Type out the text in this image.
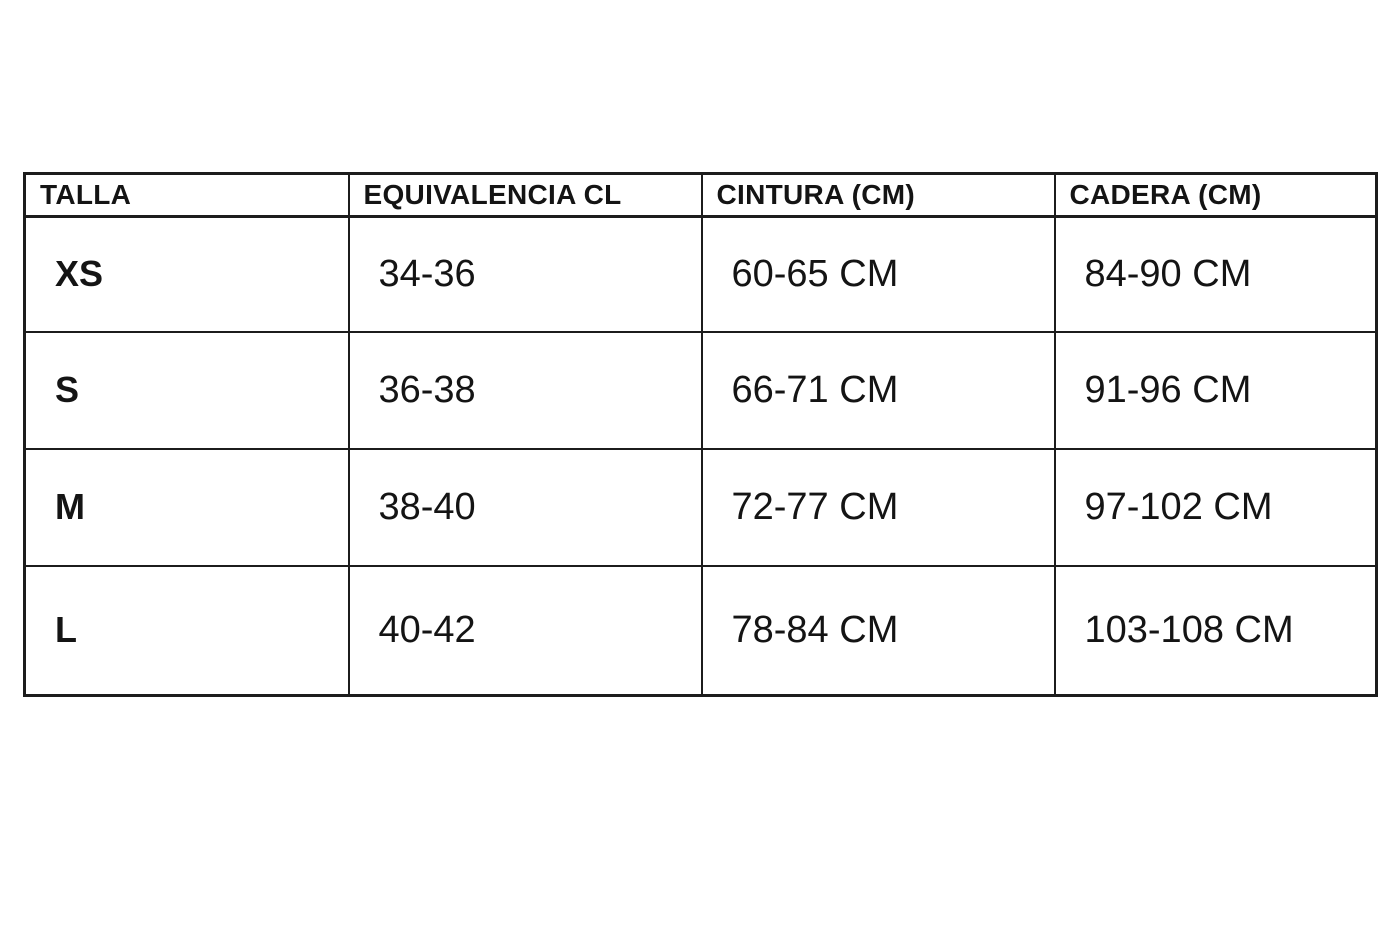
TALLA	EQUIVALENCIA CL	CINTURA (CM)	CADERA (CM)
XS	34-36	60-65 CM	84-90 CM
S	36-38	66-71 CM	91-96 CM
M	38-40	72-77 CM	97-102 CM
L	40-42	78-84 CM	103-108 CM
